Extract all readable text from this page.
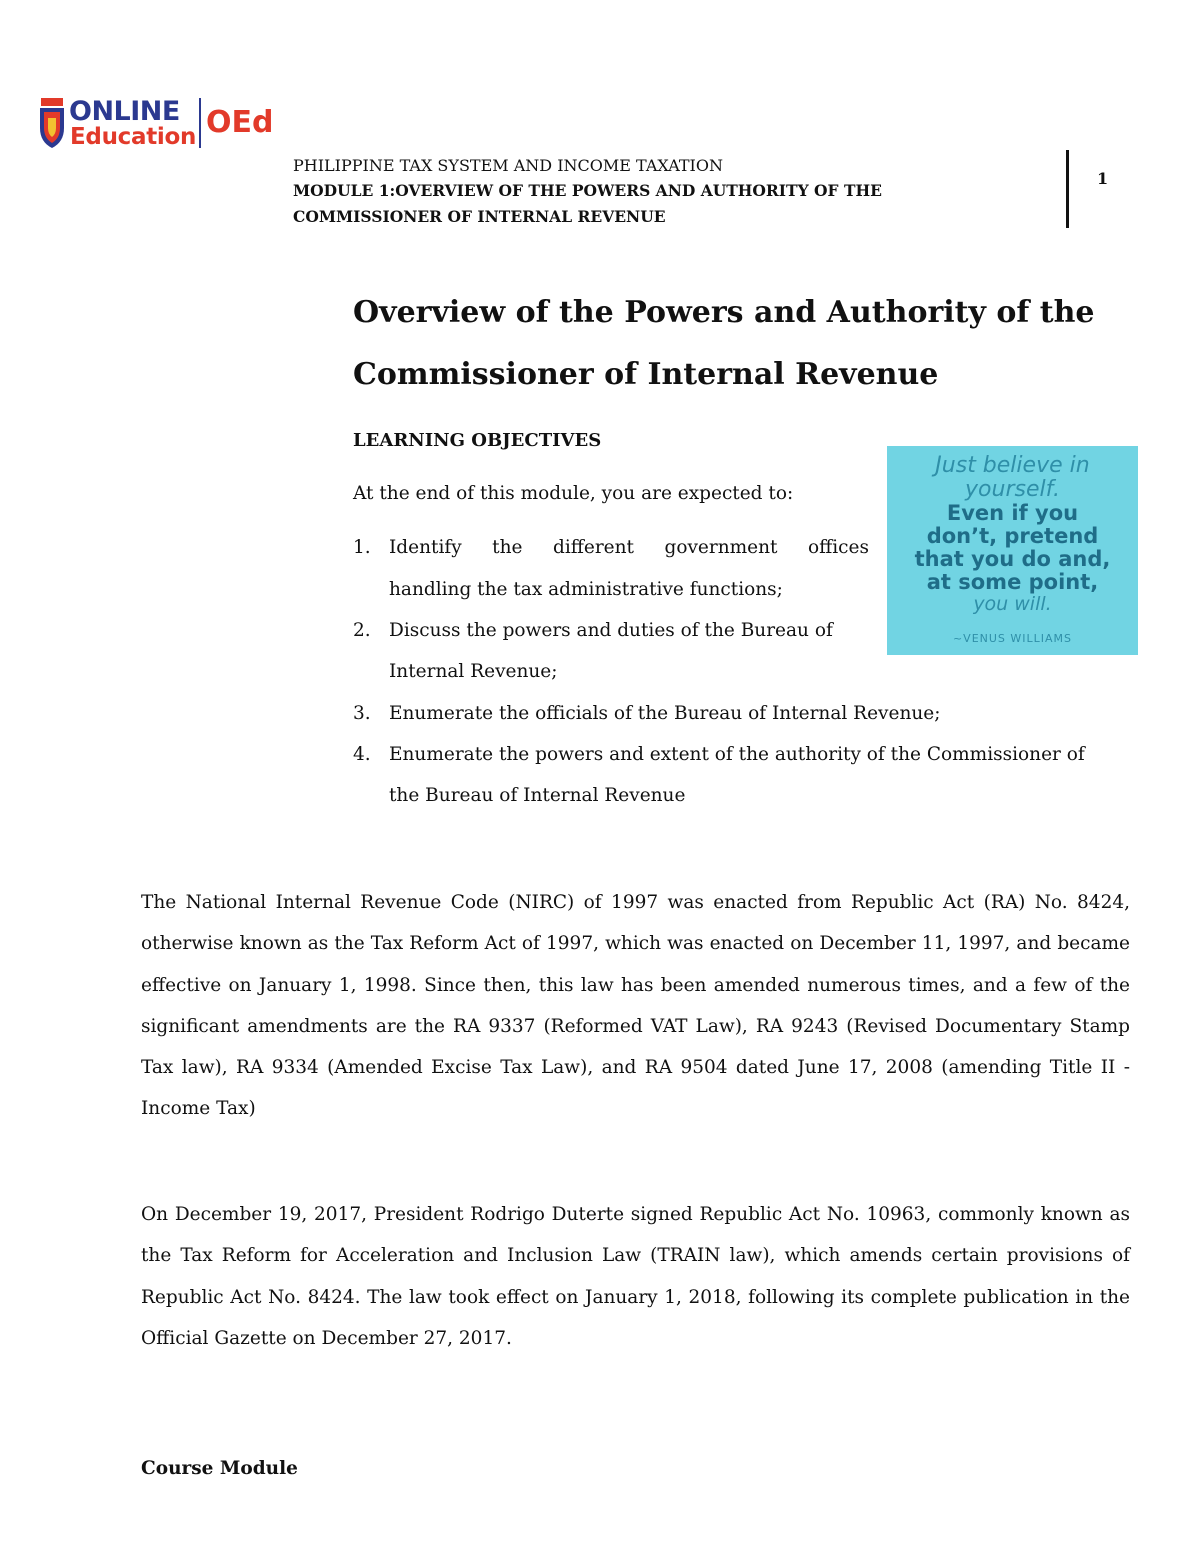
ONLINE
Education OEd
PHILIPPINE TAX SYSTEM AND INCOME TAXATION
MODULE 1:OVERVIEW OF THE POWERS AND AUTHORITY OF THE
COMMISSIONER OF INTERNAL REVENUE
1
Overview of the Powers and Authority of the
Commissioner of Internal Revenue
LEARNING OBJECTIVES
At the end of this module, you are expected to:
1. Identify the different government offices
handling the tax administrative functions;
2. Discuss the powers and duties of the Bureau of
Internal Revenue;
3. Enumerate the officials of the Bureau of Internal Revenue;
4. Enumerate the powers and extent of the authority of the Commissioner of
the Bureau of Internal Revenue
Just believe in yourself.
Even if you don’t, pretend that you do and, at some point,
you will.
~VENUS WILLIAMS
The National Internal Revenue Code (NIRC) of 1997 was enacted from Republic Act (RA) No. 8424, otherwise known as the Tax Reform Act of 1997, which was enacted on December 11, 1997, and became effective on January 1, 1998. Since then, this law has been amended numerous times, and a few of the significant amendments are the RA 9337 (Reformed VAT Law), RA 9243 (Revised Documentary Stamp Tax law), RA 9334 (Amended Excise Tax Law), and RA 9504 dated June 17, 2008 (amending Title II - Income Tax)
On December 19, 2017, President Rodrigo Duterte signed Republic Act No. 10963, commonly known as the Tax Reform for Acceleration and Inclusion Law (TRAIN law), which amends certain provisions of Republic Act No. 8424. The law took effect on January 1, 2018, following its complete publication in the Official Gazette on December 27, 2017.
Course Module
